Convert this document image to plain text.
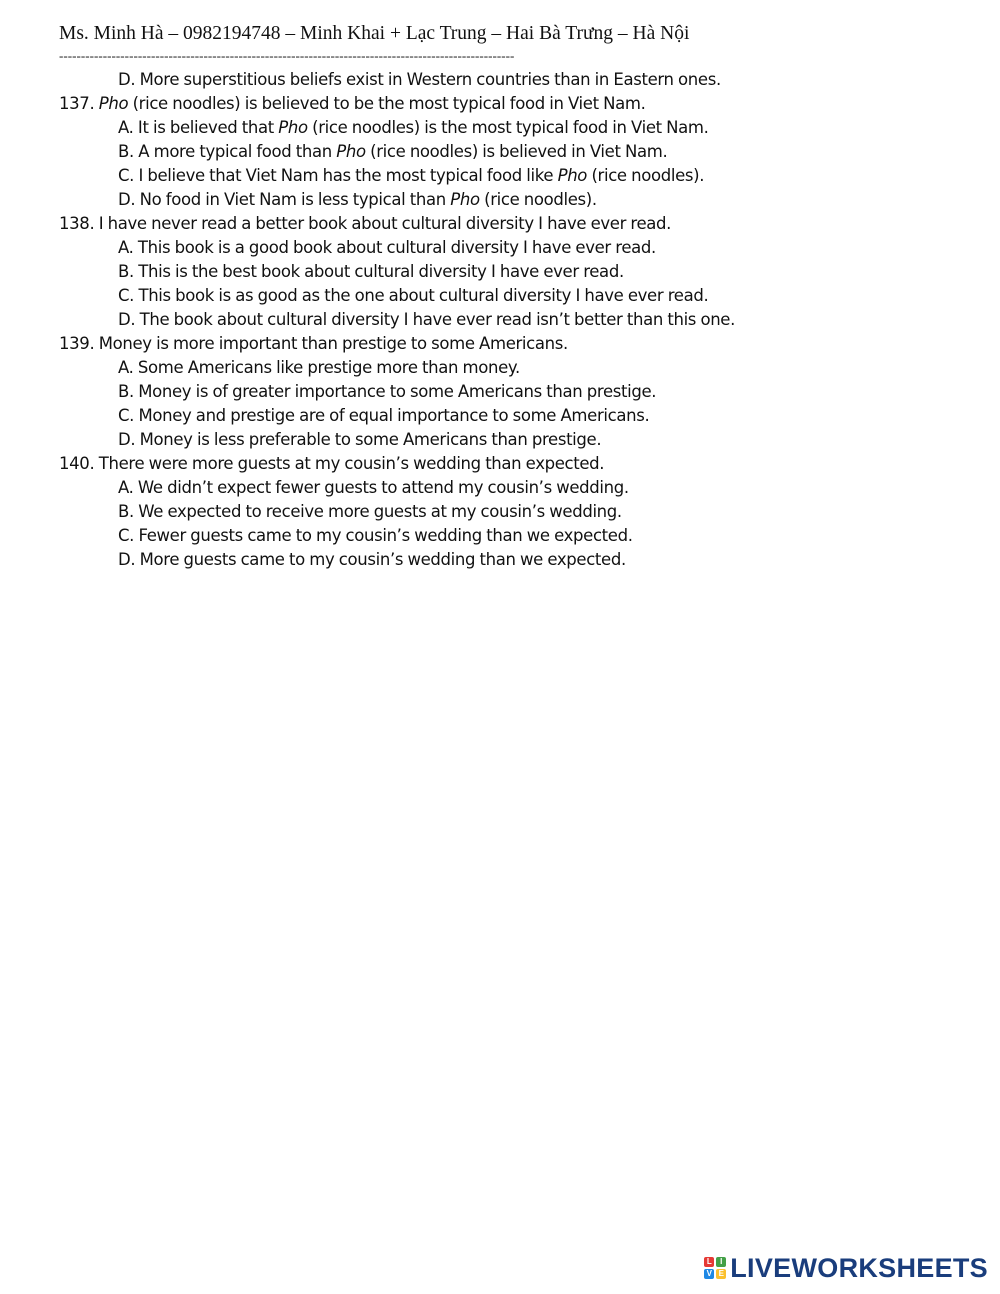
Ms. Minh Hà – 0982194748 – Minh Khai + Lạc Trung – Hai Bà Trưng – Hà Nội
--------------------------------------------------------------------------------------------------------
D. More superstitious beliefs exist in Western countries than in Eastern ones.
137. Pho (rice noodles) is believed to be the most typical food in Viet Nam.
A. It is believed that Pho (rice noodles) is the most typical food in Viet Nam.
B. A more typical food than Pho (rice noodles) is believed in Viet Nam.
C. I believe that Viet Nam has the most typical food like Pho (rice noodles).
D. No food in Viet Nam is less typical than Pho (rice noodles).
138. I have never read a better book about cultural diversity I have ever read.
A. This book is a good book about cultural diversity I have ever read.
B. This is the best book about cultural diversity I have ever read.
C. This book is as good as the one about cultural diversity I have ever read.
D. The book about cultural diversity I have ever read isn’t better than this one.
139. Money is more important than prestige to some Americans.
A. Some Americans like prestige more than money.
B. Money is of greater importance to some Americans than prestige.
C. Money and prestige are of equal importance to some Americans.
D. Money is less preferable to some Americans than prestige.
140. There were more guests at my cousin’s wedding than expected.
A. We didn’t expect fewer guests to attend my cousin’s wedding.
B. We expected to receive more guests at my cousin’s wedding.
C. Fewer guests came to my cousin’s wedding than we expected.
D. More guests came to my cousin’s wedding than we expected.
L	I
V E LIVEWORKSHEETS
